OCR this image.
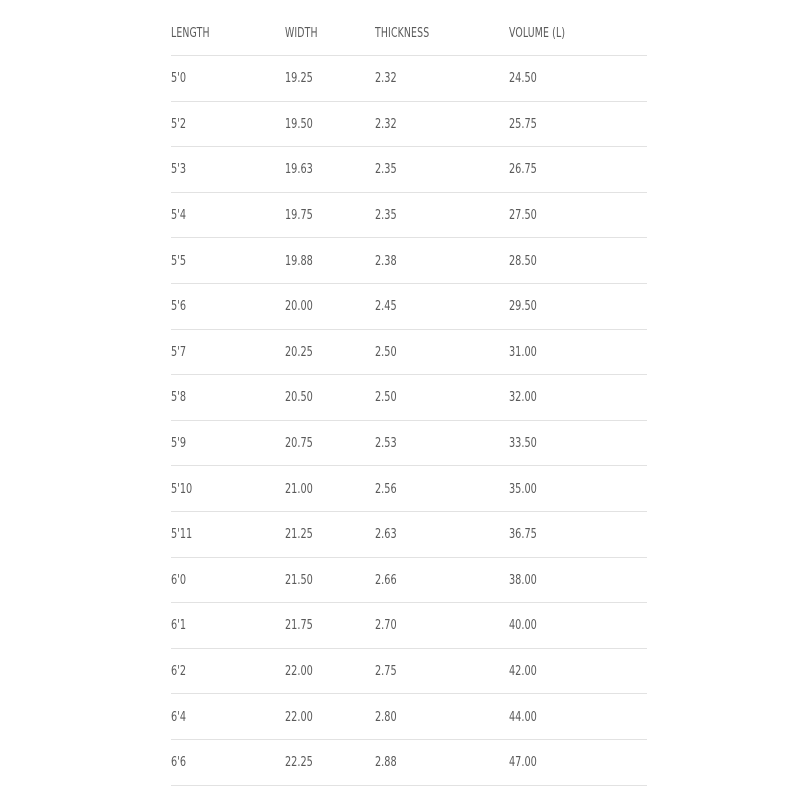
LENGTH	WIDTH	THICKNESS	VOLUME (L)
5'0	19.25	2.32	24.50
5'2	19.50	2.32	25.75
5'3	19.63	2.35	26.75
5'4	19.75	2.35	27.50
5'5	19.88	2.38	28.50
5'6	20.00	2.45	29.50
5'7	20.25	2.50	31.00
5'8	20.50	2.50	32.00
5'9	20.75	2.53	33.50
5'10	21.00	2.56	35.00
5'11	21.25	2.63	36.75
6'0	21.50	2.66	38.00
6'1	21.75	2.70	40.00
6'2	22.00	2.75	42.00
6'4	22.00	2.80	44.00
6'6	22.25	2.88	47.00
